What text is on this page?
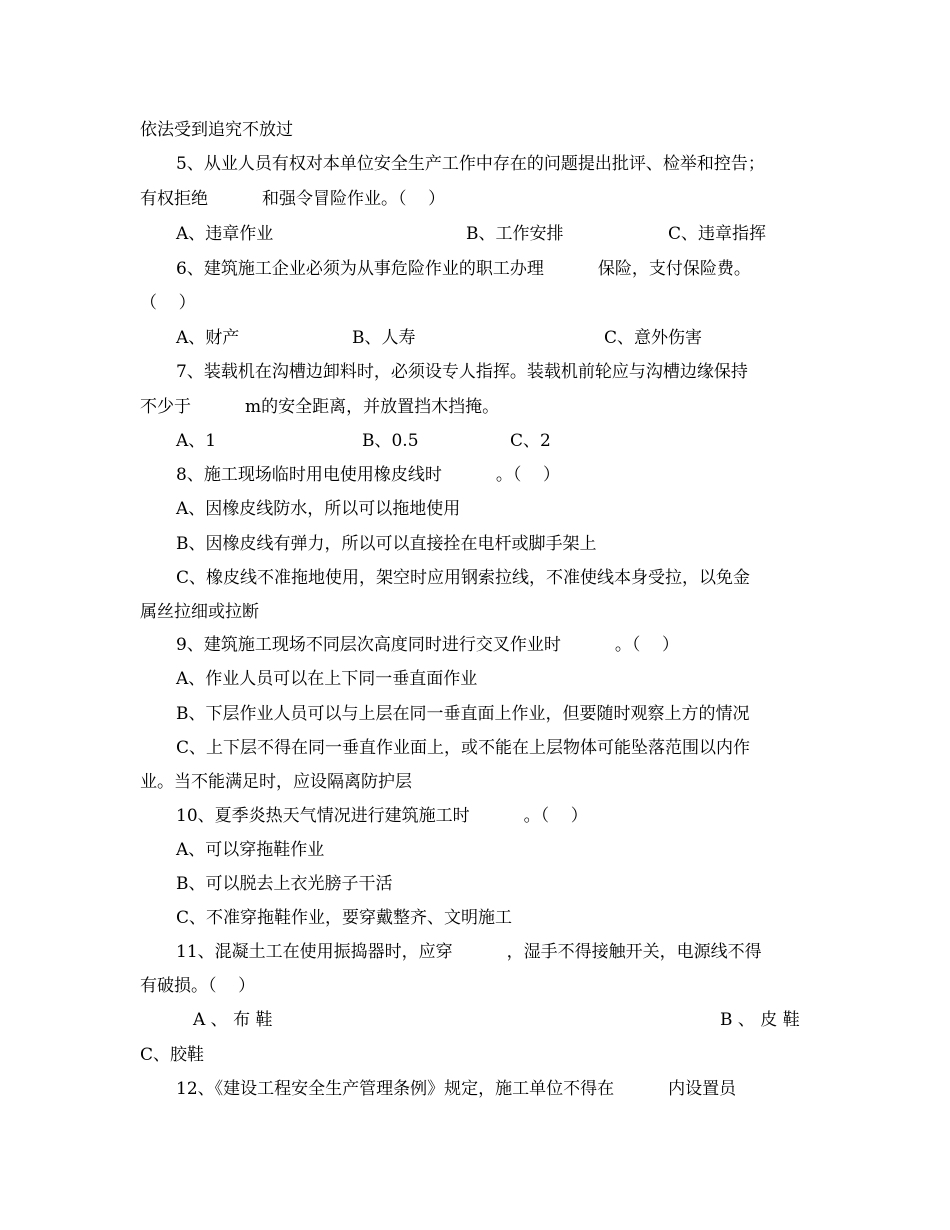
依法受到追究不放过
5、从业人员有权对本单位安全生产工作中存在的问题提出批评、检举和控告；
有权拒绝          和强令冒险作业。（    ）
A、违章作业	B、工作安排	C、违章指挥
6、建筑施工企业必须为从事危险作业的职工办理          保险，支付保险费。
（    ）
A、财产	B、人寿	C、意外伤害
7、装载机在沟槽边卸料时，必须设专人指挥。装载机前轮应与沟槽边缘保持
不少于          m的安全距离，并放置挡木挡掩。
A、1	B、0.5	C、2
8、施工现场临时用电使用橡皮线时          。（    ）
A、因橡皮线防水，所以可以拖地使用
B、因橡皮线有弹力，所以可以直接拴在电杆或脚手架上
C、橡皮线不准拖地使用，架空时应用钢索拉线，不准使线本身受拉，以免金
属丝拉细或拉断
9、建筑施工现场不同层次高度同时进行交叉作业时          。（    ）
A、作业人员可以在上下同一垂直面作业
B、下层作业人员可以与上层在同一垂直面上作业，但要随时观察上方的情况
C、上下层不得在同一垂直作业面上，或不能在上层物体可能坠落范围以内作
业。当不能满足时，应设隔离防护层
10、夏季炎热天气情况进行建筑施工时          。（    ）
A、可以穿拖鞋作业
B、可以脱去上衣光膀子干活
C、不准穿拖鞋作业，要穿戴整齐、文明施工
11、混凝土工在使用振捣器时，应穿          ，湿手不得接触开关，电源线不得
有破损。（    ）
A 、 布 鞋	B 、 皮 鞋
C、胶鞋
12、《建设工程安全生产管理条例》规定，施工单位不得在          内设置员
